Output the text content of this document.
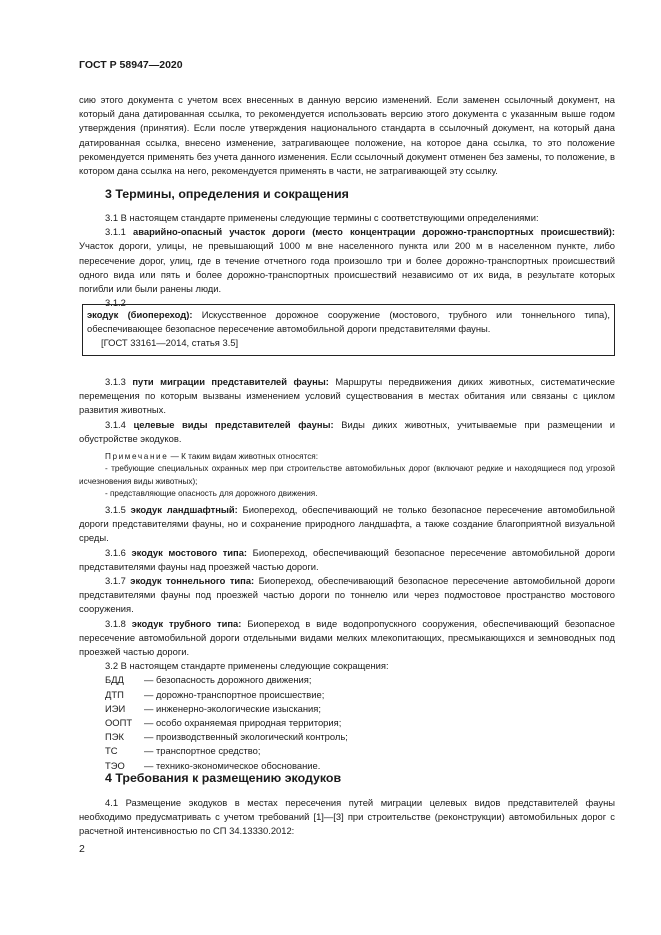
ГОСТ Р 58947—2020

сию этого документа с учетом всех внесенных в данную версию изменений. Если заменен ссылочный документ, на который дана датированная ссылка, то рекомендуется использовать версию этого документа с указанным выше годом утверждения (принятия). Если после утверждения национального стандарта в ссылочный документ, на который дана датированная ссылка, внесено изменение, затрагивающее положение, на которое дана ссылка, то это положение рекомендуется применять без учета данного изменения. Если ссылочный документ отменен без замены, то положение, в котором дана ссылка на него, рекомендуется применять в части, не затрагивающей эту ссылку.

3 Термины, определения и сокращения

3.1 В настоящем стандарте применены следующие термины с соответствующими определениями:

3.1.1 аварийно-опасный участок дороги (место концентрации дорожно-транспортных происшествий): Участок дороги, улицы, не превышающий 1000 м вне населенного пункта или 200 м в населенном пункте, либо пересечение дорог, улиц, где в течение отчетного года произошло три и более дорожно-транспортных происшествий одного вида или пять и более дорожно-транспортных происшествий независимо от их вида, в результате которых погибли или были ранены люди.

3.1.2

экодук (биопереход): Искусственное дорожное сооружение (мостового, трубного или тоннельного типа), обеспечивающее безопасное пересечение автомобильной дороги представителями фауны.

[ГОСТ 33161—2014, статья 3.5]

3.1.3 пути миграции представителей фауны: Маршруты передвижения диких животных, систематические перемещения по которым вызваны изменением условий существования в местах обитания или связаны с циклом развития животных.

3.1.4 целевые виды представителей фауны: Виды диких животных, учитываемые при размещении и обустройстве экодуков.

Примечание — К таким видам животных относятся:

- требующие специальных охранных мер при строительстве автомобильных дорог (включают редкие и находящиеся под угрозой исчезновения виды животных);

- представляющие опасность для дорожного движения.

3.1.5 экодук ландшафтный: Биопереход, обеспечивающий не только безопасное пересечение автомобильной дороги представителями фауны, но и сохранение природного ландшафта, а также создание благоприятной визуальной среды.

3.1.6 экодук мостового типа: Биопереход, обеспечивающий безопасное пересечение автомобильной дороги представителями фауны над проезжей частью дороги.

3.1.7 экодук тоннельного типа: Биопереход, обеспечивающий безопасное пересечение автомобильной дороги представителями фауны под проезжей частью дороги по тоннелю или через подмостовое пространство мостового сооружения.

3.1.8 экодук трубного типа: Биопереход в виде водопропускного сооружения, обеспечивающий безопасное пересечение автомобильной дороги отдельными видами мелких млекопитающих, пресмыкающихся и земноводных под проезжей частью дороги.

3.2 В настоящем стандарте применены следующие сокращения:

БДД	— безопасность дорожного движения;
ДТП	— дорожно-транспортное происшествие;
ИЭИ	— инженерно-экологические изыскания;
ООПТ	— особо охраняемая природная территория;
ПЭК	— производственный экологический контроль;
ТС	— транспортное средство;
ТЭО	— технико-экономическое обоснование.
4 Требования к размещению экодуков

4.1 Размещение экодуков в местах пересечения путей миграции целевых видов представителей фауны необходимо предусматривать с учетом требований [1]—[3] при строительстве (реконструкции) автомобильных дорог с расчетной интенсивностью по СП 34.13330.2012:

2
